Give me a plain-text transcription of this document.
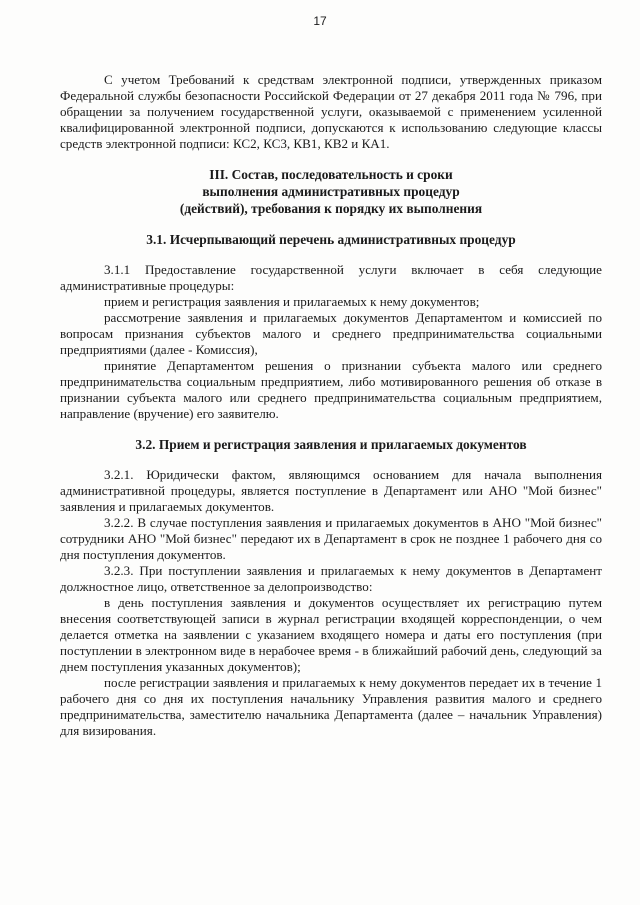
17

С учетом Требований к средствам электронной подписи, утвержденных приказом Федеральной службы безопасности Российской Федерации от 27 декабря 2011 года № 796, при обращении за получением государственной услуги, оказываемой с применением усиленной квалифицированной электронной подписи, допускаются к использованию следующие классы средств электронной подписи: КС2, КС3, КВ1, КВ2 и КА1.

III. Состав, последовательность и сроки
выполнения административных процедур
(действий), требования к порядку их выполнения
3.1. Исчерпывающий перечень административных процедур

3.1.1 Предоставление государственной услуги включает в себя следующие административные процедуры:

прием и регистрация заявления и прилагаемых к нему документов;

рассмотрение заявления и прилагаемых документов Департаментом и комиссией по вопросам признания субъектов малого и среднего предпринимательства социальными предприятиями (далее - Комиссия),

принятие Департаментом решения о признании субъекта малого или среднего предпринимательства социальным предприятием, либо мотивированного решения об отказе в признании субъекта малого или среднего предпринимательства социальным предприятием, направление (вручение) его заявителю.

3.2. Прием и регистрация заявления и прилагаемых документов

3.2.1. Юридически фактом, являющимся основанием для начала выполнения административной процедуры, является поступление в Департамент или АНО "Мой бизнес" заявления и прилагаемых документов.

3.2.2. В случае поступления заявления и прилагаемых документов в АНО "Мой бизнес" сотрудники АНО "Мой бизнес" передают их в Департамент в срок не позднее 1 рабочего дня со дня поступления документов.

3.2.3. При поступлении заявления и прилагаемых к нему документов в Департамент должностное лицо, ответственное за делопроизводство:

в день поступления заявления и документов осуществляет их регистрацию путем внесения соответствующей записи в журнал регистрации входящей корреспонденции, о чем делается отметка на заявлении с указанием входящего номера и даты его поступления (при поступлении в электронном виде в нерабочее время - в ближайший рабочий день, следующий за днем поступления указанных документов);

после регистрации заявления и прилагаемых к нему документов передает их в течение 1 рабочего дня со дня их поступления начальнику Управления развития малого и среднего предпринимательства, заместителю начальника Департамента (далее – начальник Управления) для визирования.
